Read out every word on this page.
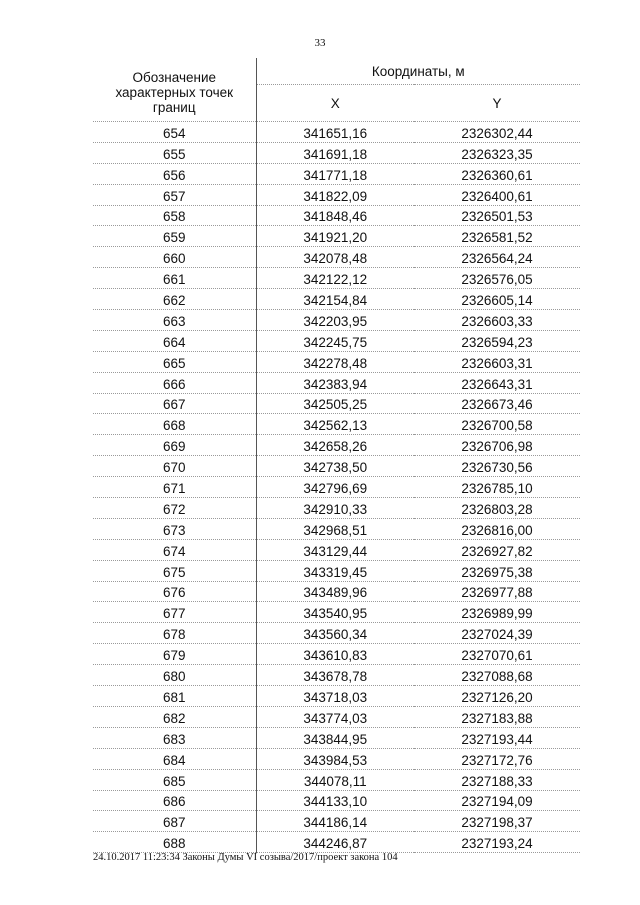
33
Обозначение характерных точек границ	Координаты, м	
	X	Y
654	341651,16	2326302,44
655	341691,18	2326323,35
656	341771,18	2326360,61
657	341822,09	2326400,61
658	341848,46	2326501,53
659	341921,20	2326581,52
660	342078,48	2326564,24
661	342122,12	2326576,05
662	342154,84	2326605,14
663	342203,95	2326603,33
664	342245,75	2326594,23
665	342278,48	2326603,31
666	342383,94	2326643,31
667	342505,25	2326673,46
668	342562,13	2326700,58
669	342658,26	2326706,98
670	342738,50	2326730,56
671	342796,69	2326785,10
672	342910,33	2326803,28
673	342968,51	2326816,00
674	343129,44	2326927,82
675	343319,45	2326975,38
676	343489,96	2326977,88
677	343540,95	2326989,99
678	343560,34	2327024,39
679	343610,83	2327070,61
680	343678,78	2327088,68
681	343718,03	2327126,20
682	343774,03	2327183,88
683	343844,95	2327193,44
684	343984,53	2327172,76
685	344078,11	2327188,33
686	344133,10	2327194,09
687	344186,14	2327198,37
688	344246,87	2327193,24
24.10.2017 11:23:34 Законы Думы VI созыва/2017/проект закона 104
